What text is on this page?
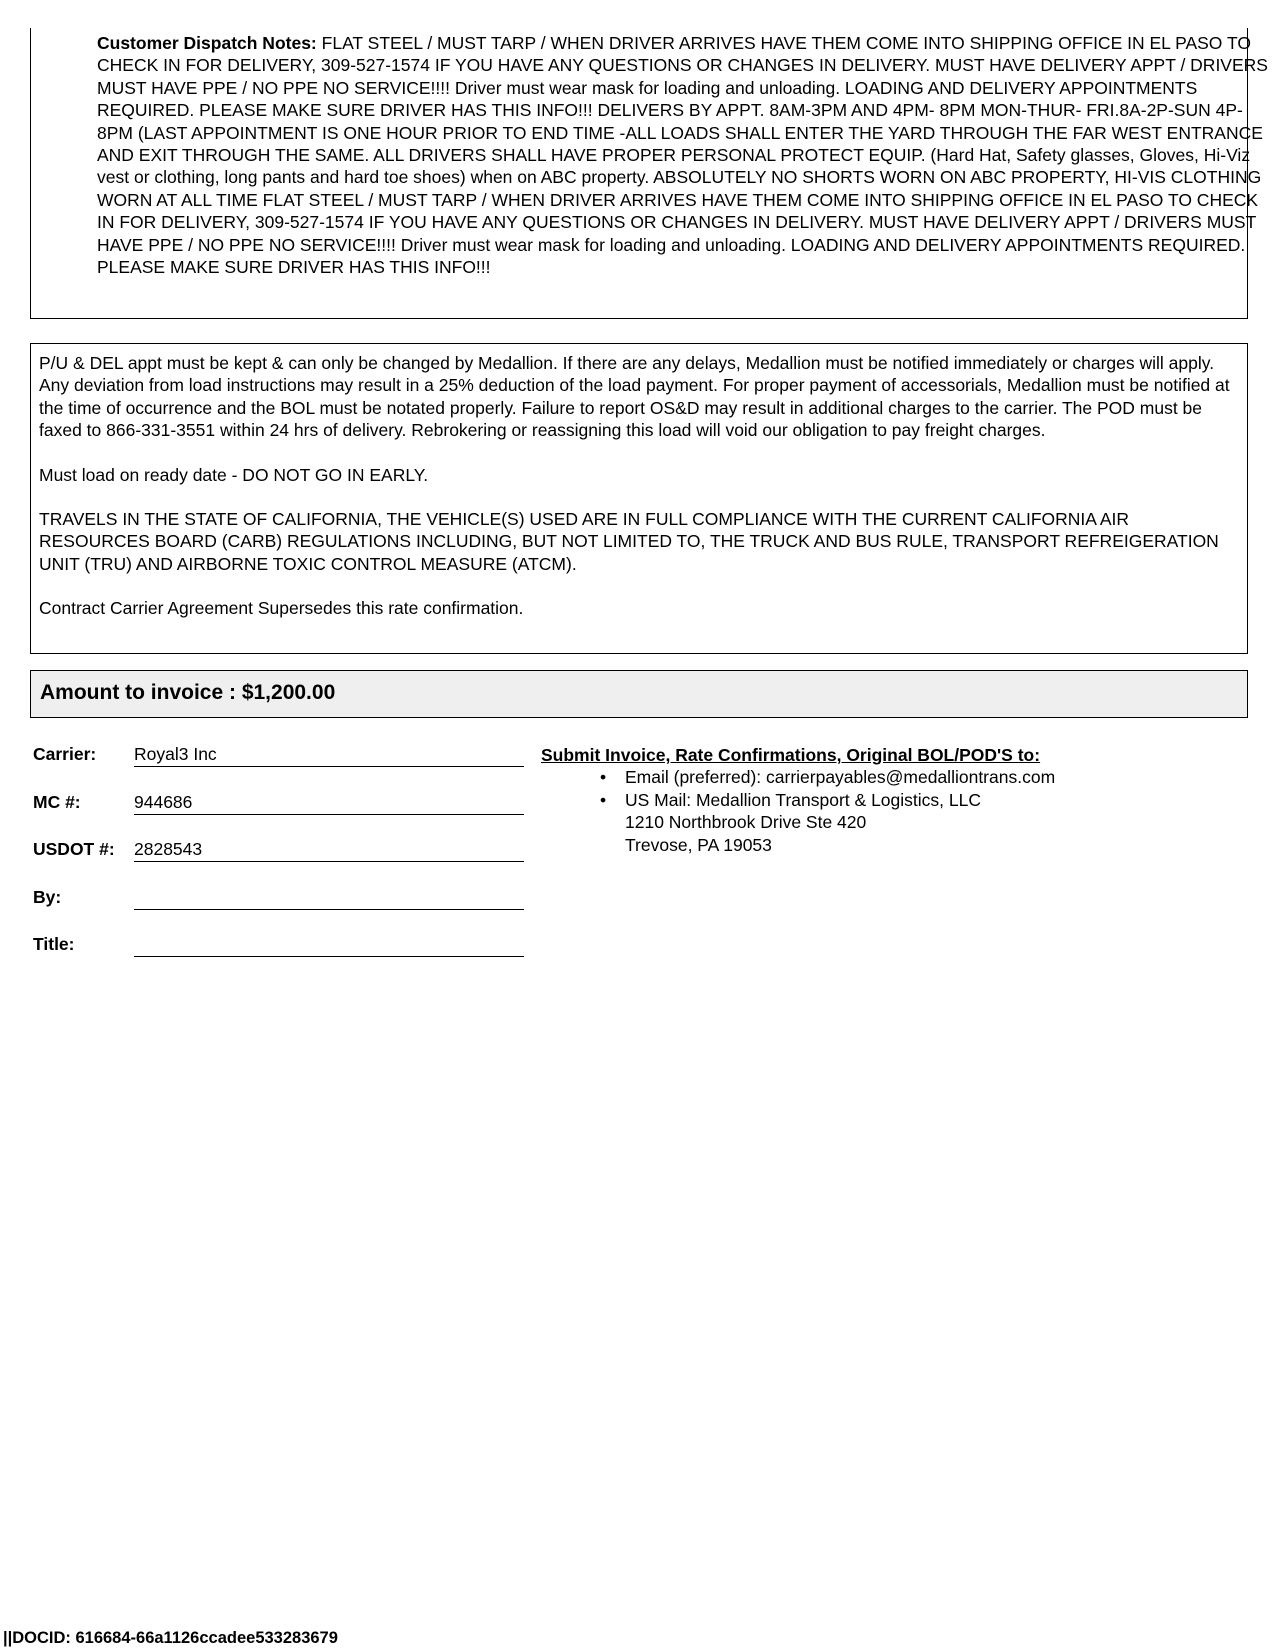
Customer Dispatch Notes: FLAT STEEL / MUST TARP / WHEN DRIVER ARRIVES HAVE THEM COME INTO SHIPPING OFFICE IN EL PASO TO CHECK IN FOR DELIVERY, 309-527-1574 IF YOU HAVE ANY QUESTIONS OR CHANGES IN DELIVERY. MUST HAVE DELIVERY APPT / DRIVERS MUST HAVE PPE / NO PPE NO SERVICE!!!! Driver must wear mask for loading and unloading. LOADING AND DELIVERY APPOINTMENTS REQUIRED. PLEASE MAKE SURE DRIVER HAS THIS INFO!!! DELIVERS BY APPT. 8AM-3PM AND 4PM- 8PM MON-THUR- FRI.8A-2P-SUN 4P-8PM (LAST APPOINTMENT IS ONE HOUR PRIOR TO END TIME -ALL LOADS SHALL ENTER THE YARD THROUGH THE FAR WEST ENTRANCE AND EXIT THROUGH THE SAME. ALL DRIVERS SHALL HAVE PROPER PERSONAL PROTECT EQUIP. (Hard Hat, Safety glasses, Gloves, Hi-Viz vest or clothing, long pants and hard toe shoes) when on ABC property. ABSOLUTELY NO SHORTS WORN ON ABC PROPERTY, HI-VIS CLOTHING WORN AT ALL TIME FLAT STEEL / MUST TARP / WHEN DRIVER ARRIVES HAVE THEM COME INTO SHIPPING OFFICE IN EL PASO TO CHECK IN FOR DELIVERY, 309-527-1574 IF YOU HAVE ANY QUESTIONS OR CHANGES IN DELIVERY. MUST HAVE DELIVERY APPT / DRIVERS MUST HAVE PPE / NO PPE NO SERVICE!!!! Driver must wear mask for loading and unloading. LOADING AND DELIVERY APPOINTMENTS REQUIRED. PLEASE MAKE SURE DRIVER HAS THIS INFO!!!

P/U & DEL appt must be kept & can only be changed by Medallion. If there are any delays, Medallion must be notified immediately or charges will apply. Any deviation from load instructions may result in a 25% deduction of the load payment. For proper payment of accessorials, Medallion must be notified at the time of occurrence and the BOL must be notated properly. Failure to report OS&D may result in additional charges to the carrier. The POD must be faxed to 866-331-3551 within 24 hrs of delivery. Rebrokering or reassigning this load will void our obligation to pay freight charges.

Must load on ready date - DO NOT GO IN EARLY.

TRAVELS IN THE STATE OF CALIFORNIA, THE VEHICLE(S) USED ARE IN FULL COMPLIANCE WITH THE CURRENT CALIFORNIA AIR RESOURCES BOARD (CARB) REGULATIONS INCLUDING, BUT NOT LIMITED TO, THE TRUCK AND BUS RULE, TRANSPORT REFREIGERATION UNIT (TRU) AND AIRBORNE TOXIC CONTROL MEASURE (ATCM).

Contract Carrier Agreement Supersedes this rate confirmation.

Amount to invoice : $1,200.00
Carrier: Royal3 Inc
MC #:	944686
USDOT #: 2828543
By:
Title:
Submit Invoice, Rate Confirmations, Original BOL/POD'S to:
• Email (preferred): carrierpayables@medalliontrans.com
• US Mail: Medallion Transport & Logistics, LLC
1210 Northbrook Drive Ste 420
Trevose, PA 19053
||DOCID: 616684-66a1126ccadee533283679
